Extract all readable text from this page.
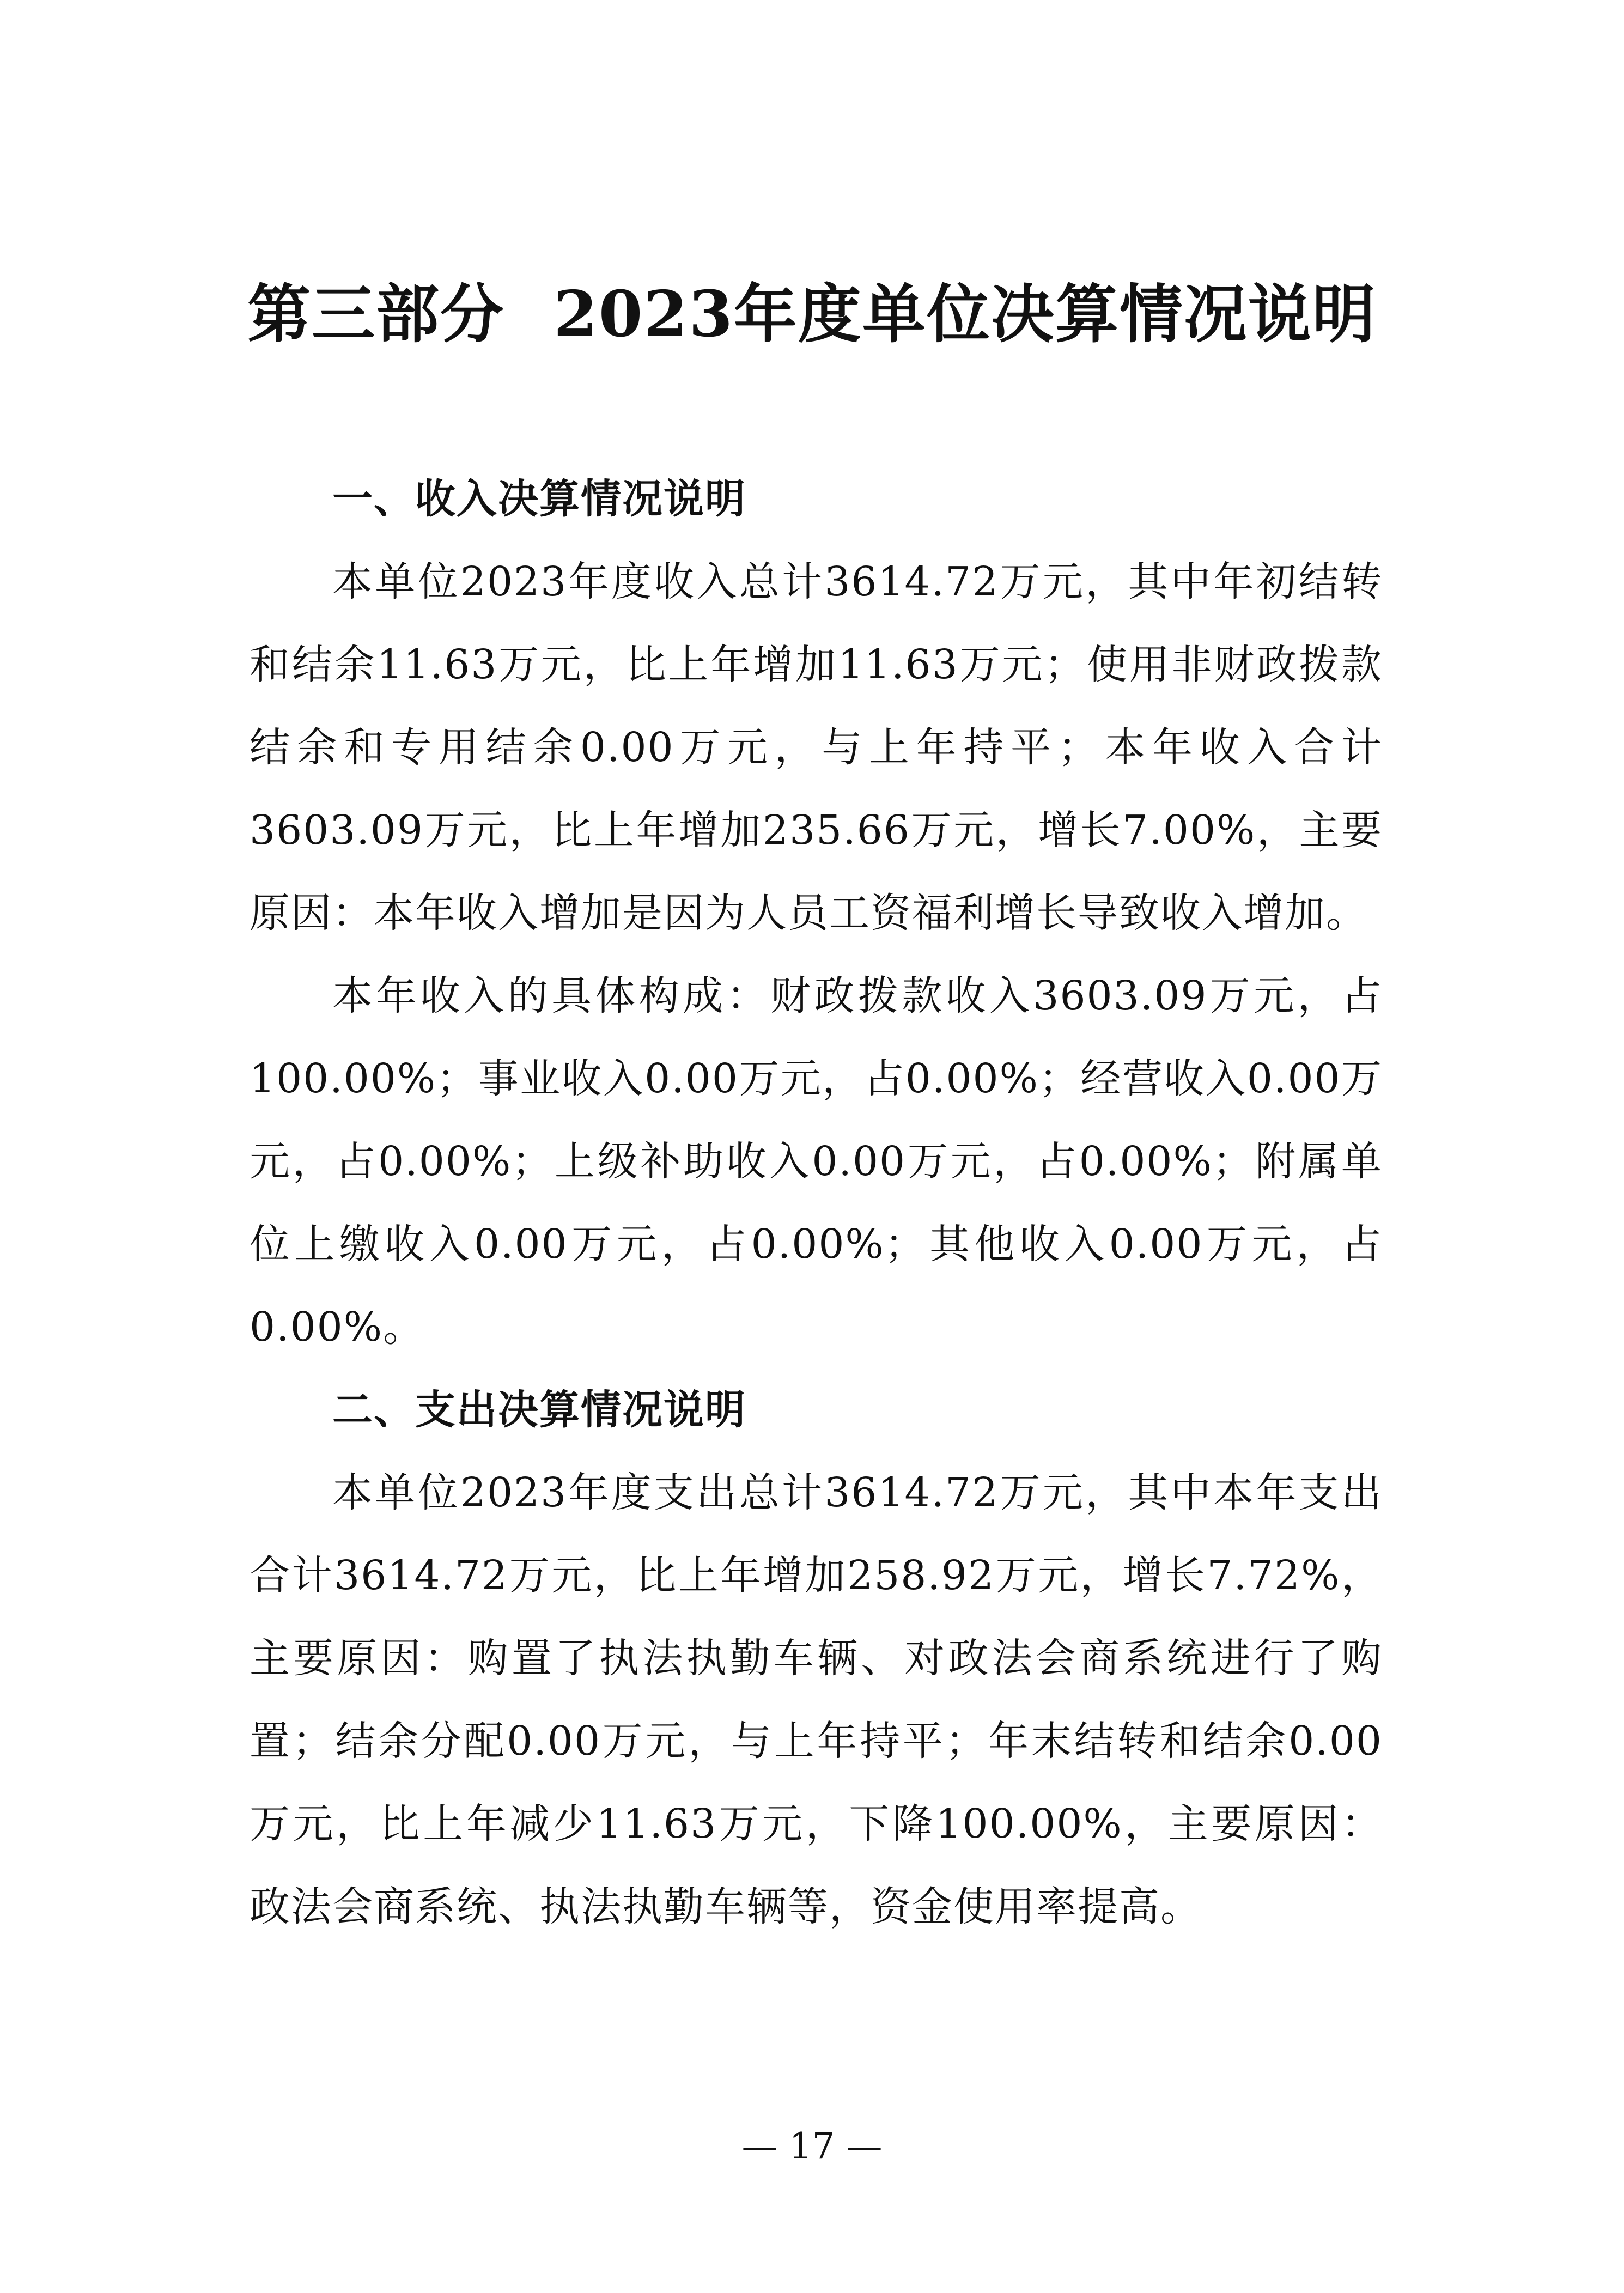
第三部分 2023年度单位决算情况说明

一、收入决算情况说明

本单位2023年度收入总计3614.72万元，其中年初结转和结余11.63万元，比上年增加11.63万元；使用非财政拨款结余和专用结余0.00万元，与上年持平；本年收入合计3603.09万元，比上年增加235.66万元，增长7.00%，主要原因：本年收入增加是因为人员工资福利增长导致收入增加。

本年收入的具体构成：财政拨款收入3603.09万元，占100.00%；事业收入0.00万元，占0.00%；经营收入0.00万元，占0.00%；上级补助收入0.00万元，占0.00%；附属单位上缴收入0.00万元，占0.00%；其他收入0.00万元，占0.00%。

二、支出决算情况说明

本单位2023年度支出总计3614.72万元，其中本年支出合计3614.72万元，比上年增加258.92万元，增长7.72%，主要原因：购置了执法执勤车辆、对政法会商系统进行了购置；结余分配0.00万元，与上年持平；年末结转和结余0.00万元，比上年减少11.63万元，下降100.00%，主要原因：政法会商系统、执法执勤车辆等，资金使用率提高。

— 17 —
